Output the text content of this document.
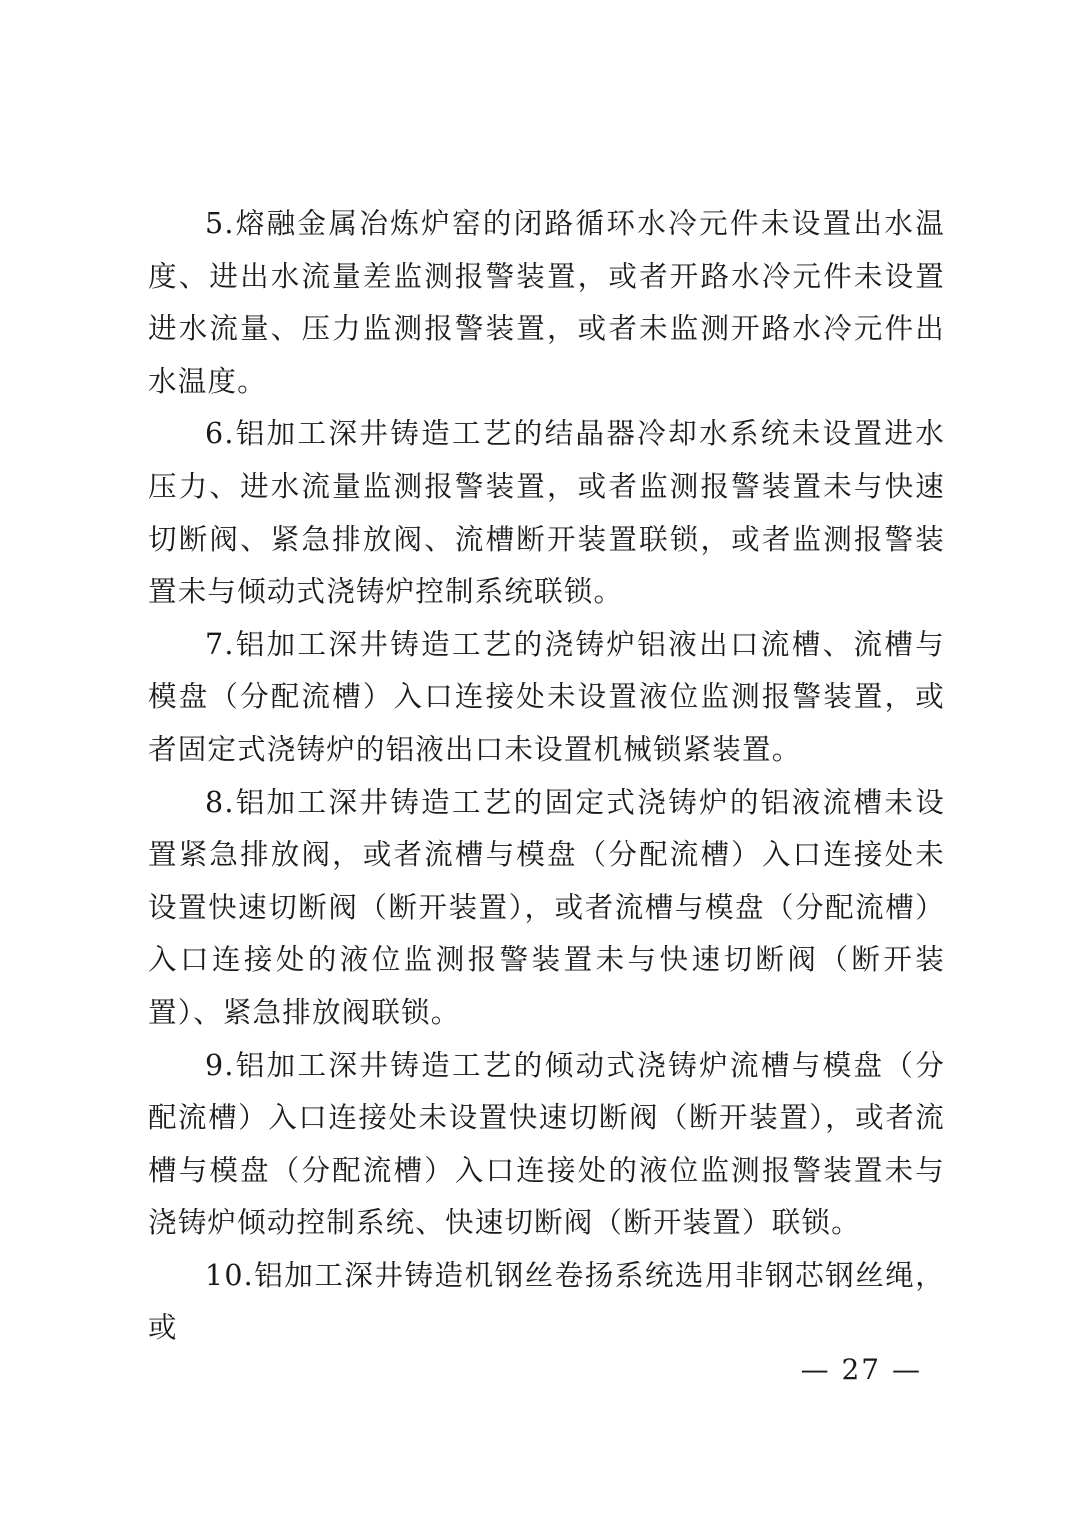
5.熔融金属冶炼炉窑的闭路循环水冷元件未设置出水温度、进出水流量差监测报警装置，或者开路水冷元件未设置进水流量、压力监测报警装置，或者未监测开路水冷元件出水温度。

6.铝加工深井铸造工艺的结晶器冷却水系统未设置进水压力、进水流量监测报警装置，或者监测报警装置未与快速切断阀、紧急排放阀、流槽断开装置联锁，或者监测报警装置未与倾动式浇铸炉控制系统联锁。

7.铝加工深井铸造工艺的浇铸炉铝液出口流槽、流槽与模盘（分配流槽）入口连接处未设置液位监测报警装置，或者固定式浇铸炉的铝液出口未设置机械锁紧装置。

8.铝加工深井铸造工艺的固定式浇铸炉的铝液流槽未设置紧急排放阀，或者流槽与模盘（分配流槽）入口连接处未设置快速切断阀（断开装置），或者流槽与模盘（分配流槽）入口连接处的液位监测报警装置未与快速切断阀（断开装置）、紧急排放阀联锁。

9.铝加工深井铸造工艺的倾动式浇铸炉流槽与模盘（分配流槽）入口连接处未设置快速切断阀（断开装置），或者流槽与模盘（分配流槽）入口连接处的液位监测报警装置未与浇铸炉倾动控制系统、快速切断阀（断开装置）联锁。

10.铝加工深井铸造机钢丝卷扬系统选用非钢芯钢丝绳，或

— 27 —
